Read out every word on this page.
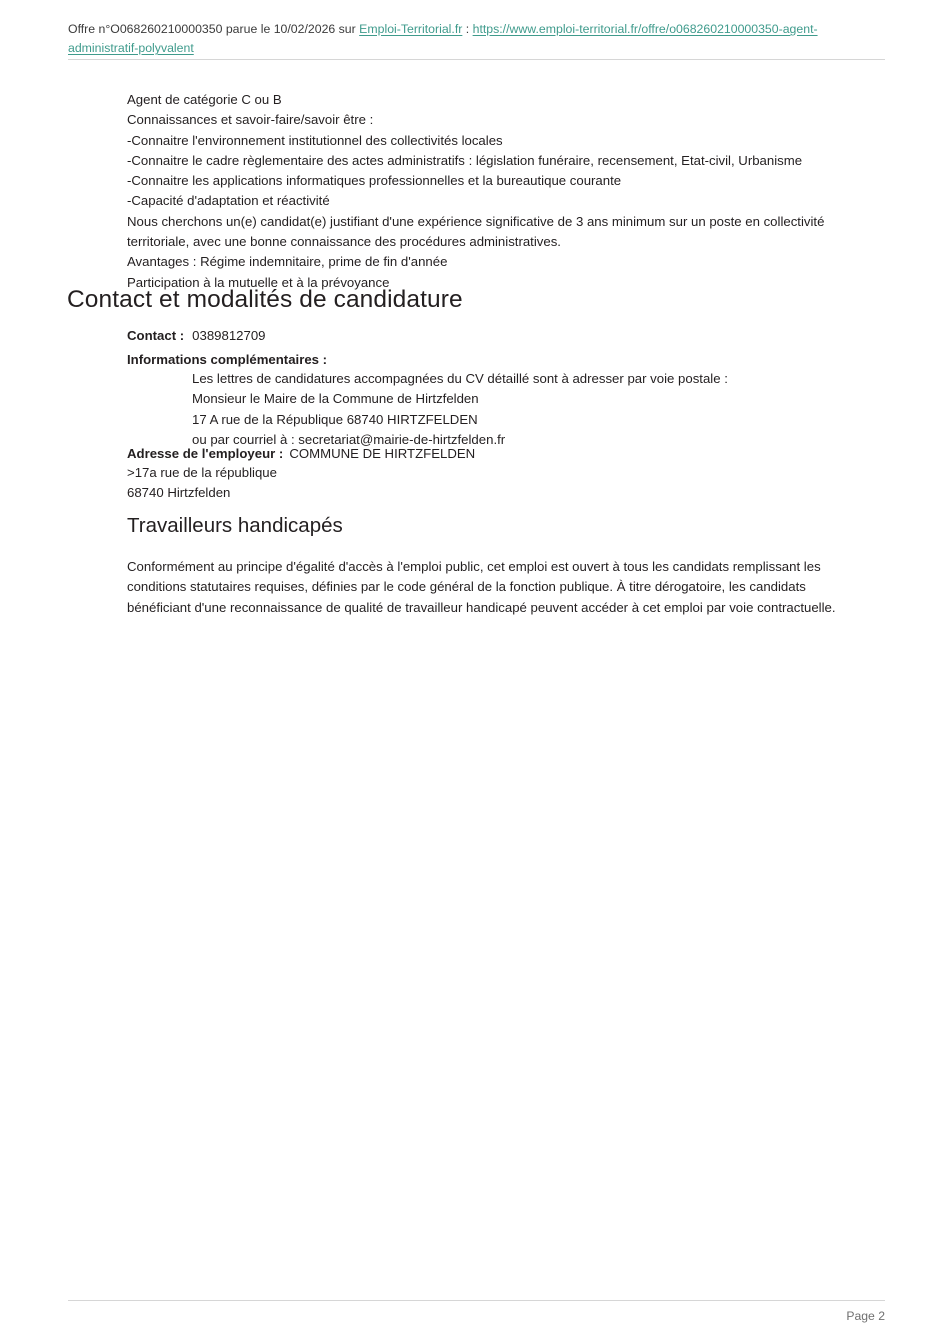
Offre n°O068260210000350 parue le 10/02/2026 sur Emploi-Territorial.fr : https://www.emploi-territorial.fr/offre/o068260210000350-agent-administratif-polyvalent

Agent de catégorie C ou B

Connaissances et savoir-faire/savoir être :

-Connaitre l'environnement institutionnel des collectivités locales

-Connaitre le cadre règlementaire des actes administratifs : législation funéraire, recensement, Etat-civil, Urbanisme

-Connaitre les applications informatiques professionnelles et la bureautique courante

-Capacité d'adaptation et réactivité

Nous cherchons un(e) candidat(e) justifiant d'une expérience significative de 3 ans minimum sur un poste en collectivité territoriale, avec une bonne connaissance des procédures administratives.

Avantages : Régime indemnitaire, prime de fin d'année

Participation à la mutuelle et à la prévoyance

Contact et modalités de candidature
Contact : 0389812709
Informations complémentaires :

Les lettres de candidatures accompagnées du CV détaillé sont à adresser par voie postale :

Monsieur le Maire de la Commune de Hirtzfelden

17 A rue de la République 68740 HIRTZFELDEN

ou par courriel à : secretariat@mairie-de-hirtzfelden.fr

Adresse de l'employeur : COMMUNE DE HIRTZFELDEN

>17a rue de la république

68740 Hirtzfelden

Travailleurs handicapés

Conformément au principe d'égalité d'accès à l'emploi public, cet emploi est ouvert à tous les candidats remplissant les conditions statutaires requises, définies par le code général de la fonction publique. À titre dérogatoire, les candidats bénéficiant d'une reconnaissance de qualité de travailleur handicapé peuvent accéder à cet emploi par voie contractuelle.

Page 2
